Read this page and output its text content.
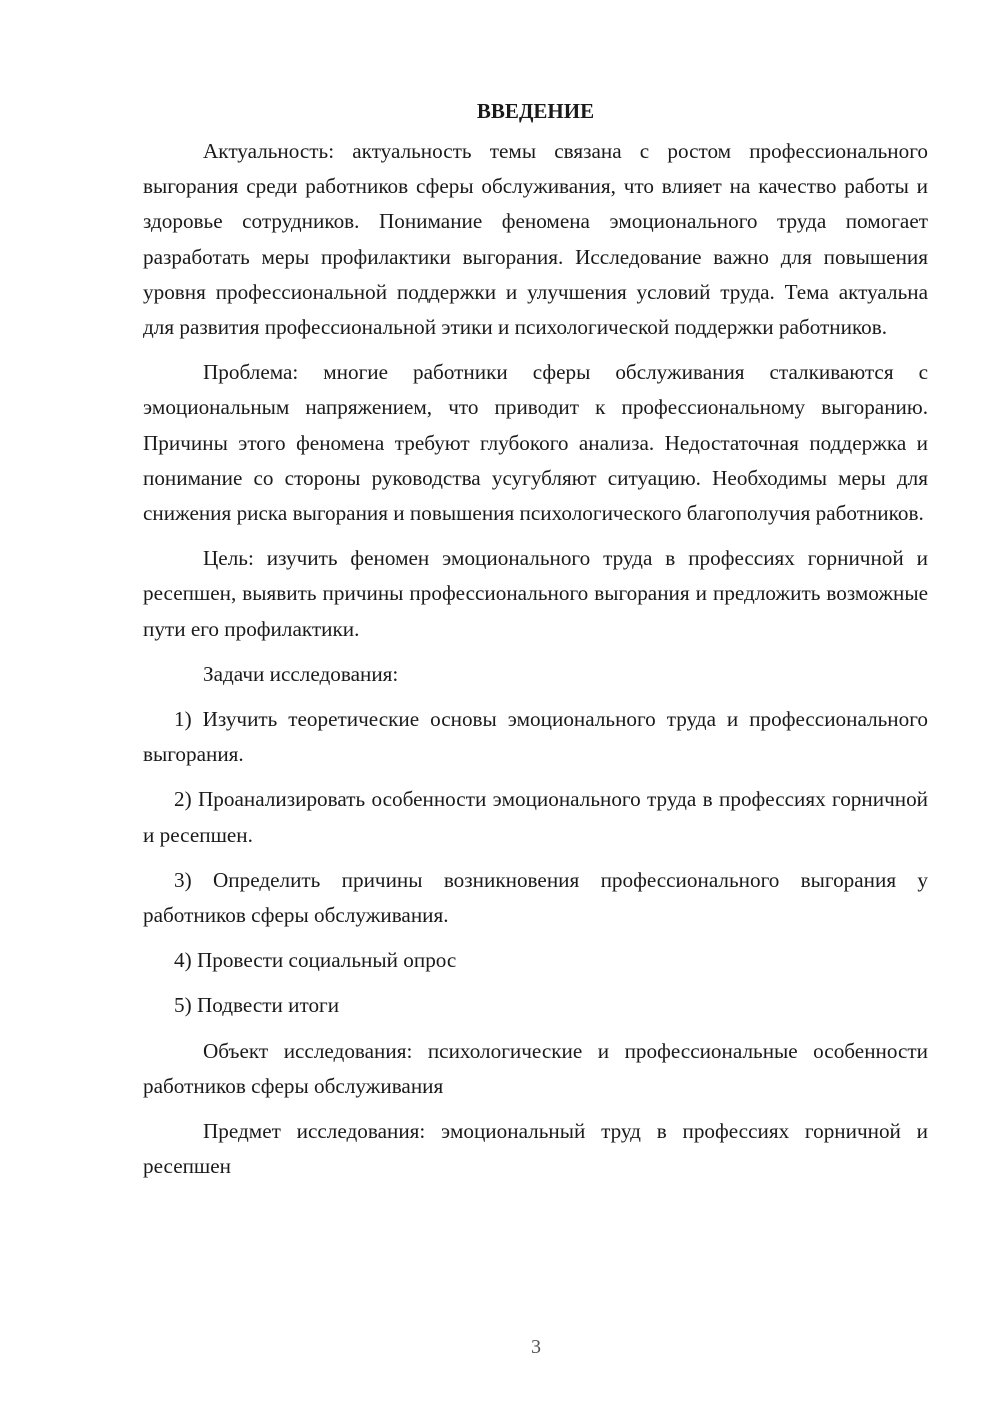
ВВЕДЕНИЕ

Актуальность: актуальность темы связана с ростом профессионального выгорания среди работников сферы обслуживания, что влияет на качество работы и здоровье сотрудников. Понимание феномена эмоционального труда помогает разработать меры профилактики выгорания. Исследование важно для повышения уровня профессиональной поддержки и улучшения условий труда. Тема актуальна для развития профессиональной этики и психологической поддержки работников.

Проблема: многие работники сферы обслуживания сталкиваются с эмоциональным напряжением, что приводит к профессиональному выгоранию. Причины этого феномена требуют глубокого анализа. Недостаточная поддержка и понимание со стороны руководства усугубляют ситуацию. Необходимы меры для снижения риска выгорания и повышения психологического благополучия работников.

Цель: изучить феномен эмоционального труда в профессиях горничной и ресепшен, выявить причины профессионального выгорания и предложить возможные пути его профилактики.

Задачи исследования:

1) Изучить теоретические основы эмоционального труда и профессионального выгорания.

2) Проанализировать особенности эмоционального труда в профессиях горничной и ресепшен.

3) Определить причины возникновения профессионального выгорания у работников сферы обслуживания.

4) Провести социальный опрос

5) Подвести итоги

Объект исследования: психологические и профессиональные особенности работников сферы обслуживания

Предмет исследования: эмоциональный труд в профессиях горничной и ресепшен

3
